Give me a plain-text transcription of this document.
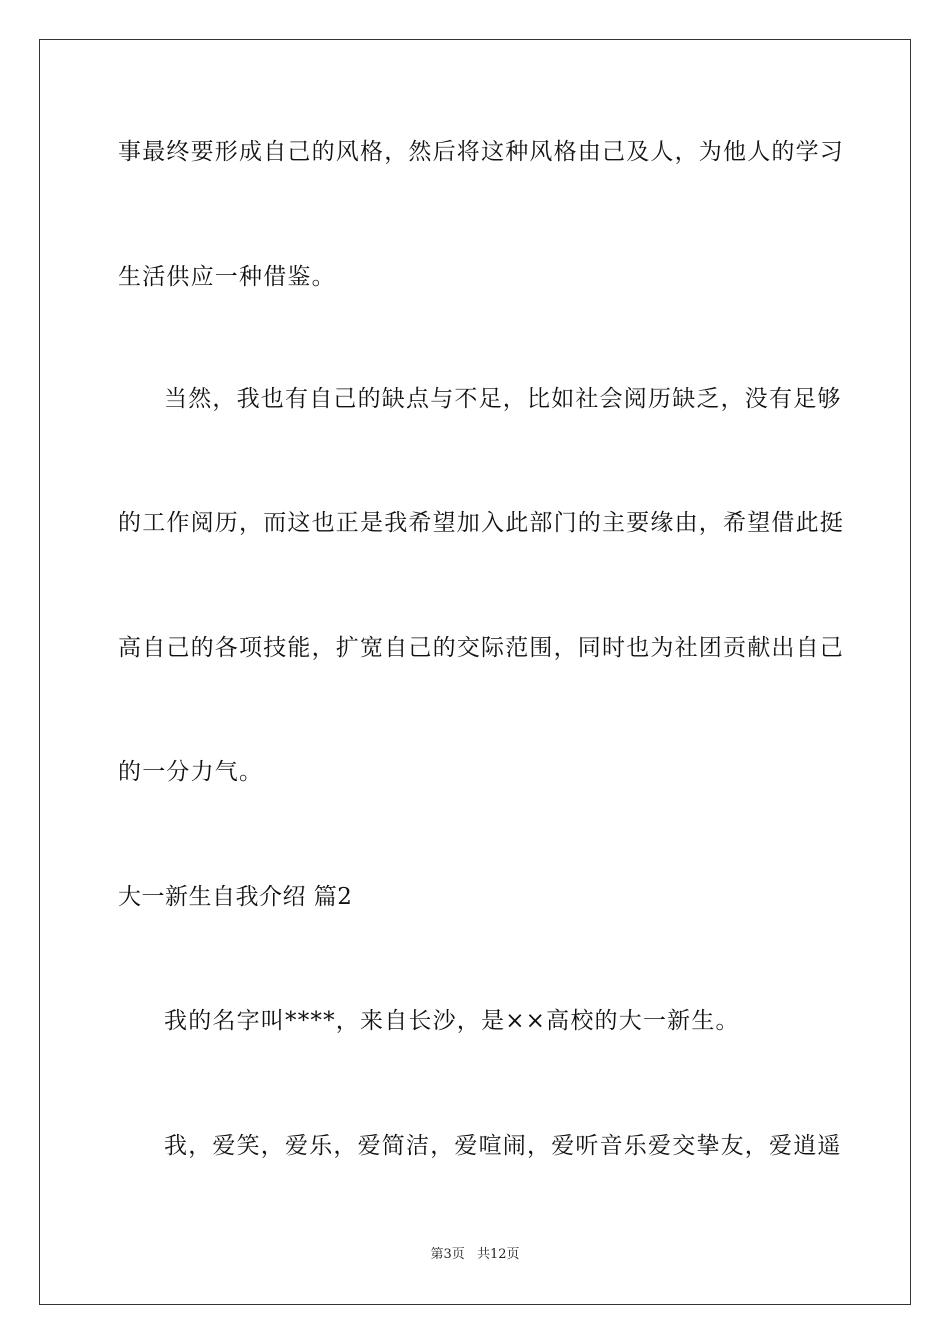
事最终要形成自己的风格，然后将这种风格由己及人，为他人的学习
生活供应一种借鉴。
当然，我也有自己的缺点与不足，比如社会阅历缺乏，没有足够
的工作阅历，而这也正是我希望加入此部门的主要缘由，希望借此挺
高自己的各项技能，扩宽自己的交际范围，同时也为社团贡献出自己
的一分力气。
大一新生自我介绍 篇2
我的名字叫****，来自长沙，是××高校的大一新生。
我，爱笑，爱乐，爱简洁，爱喧闹，爱听音乐爱交挚友，爱逍遥
第3页 共12页
